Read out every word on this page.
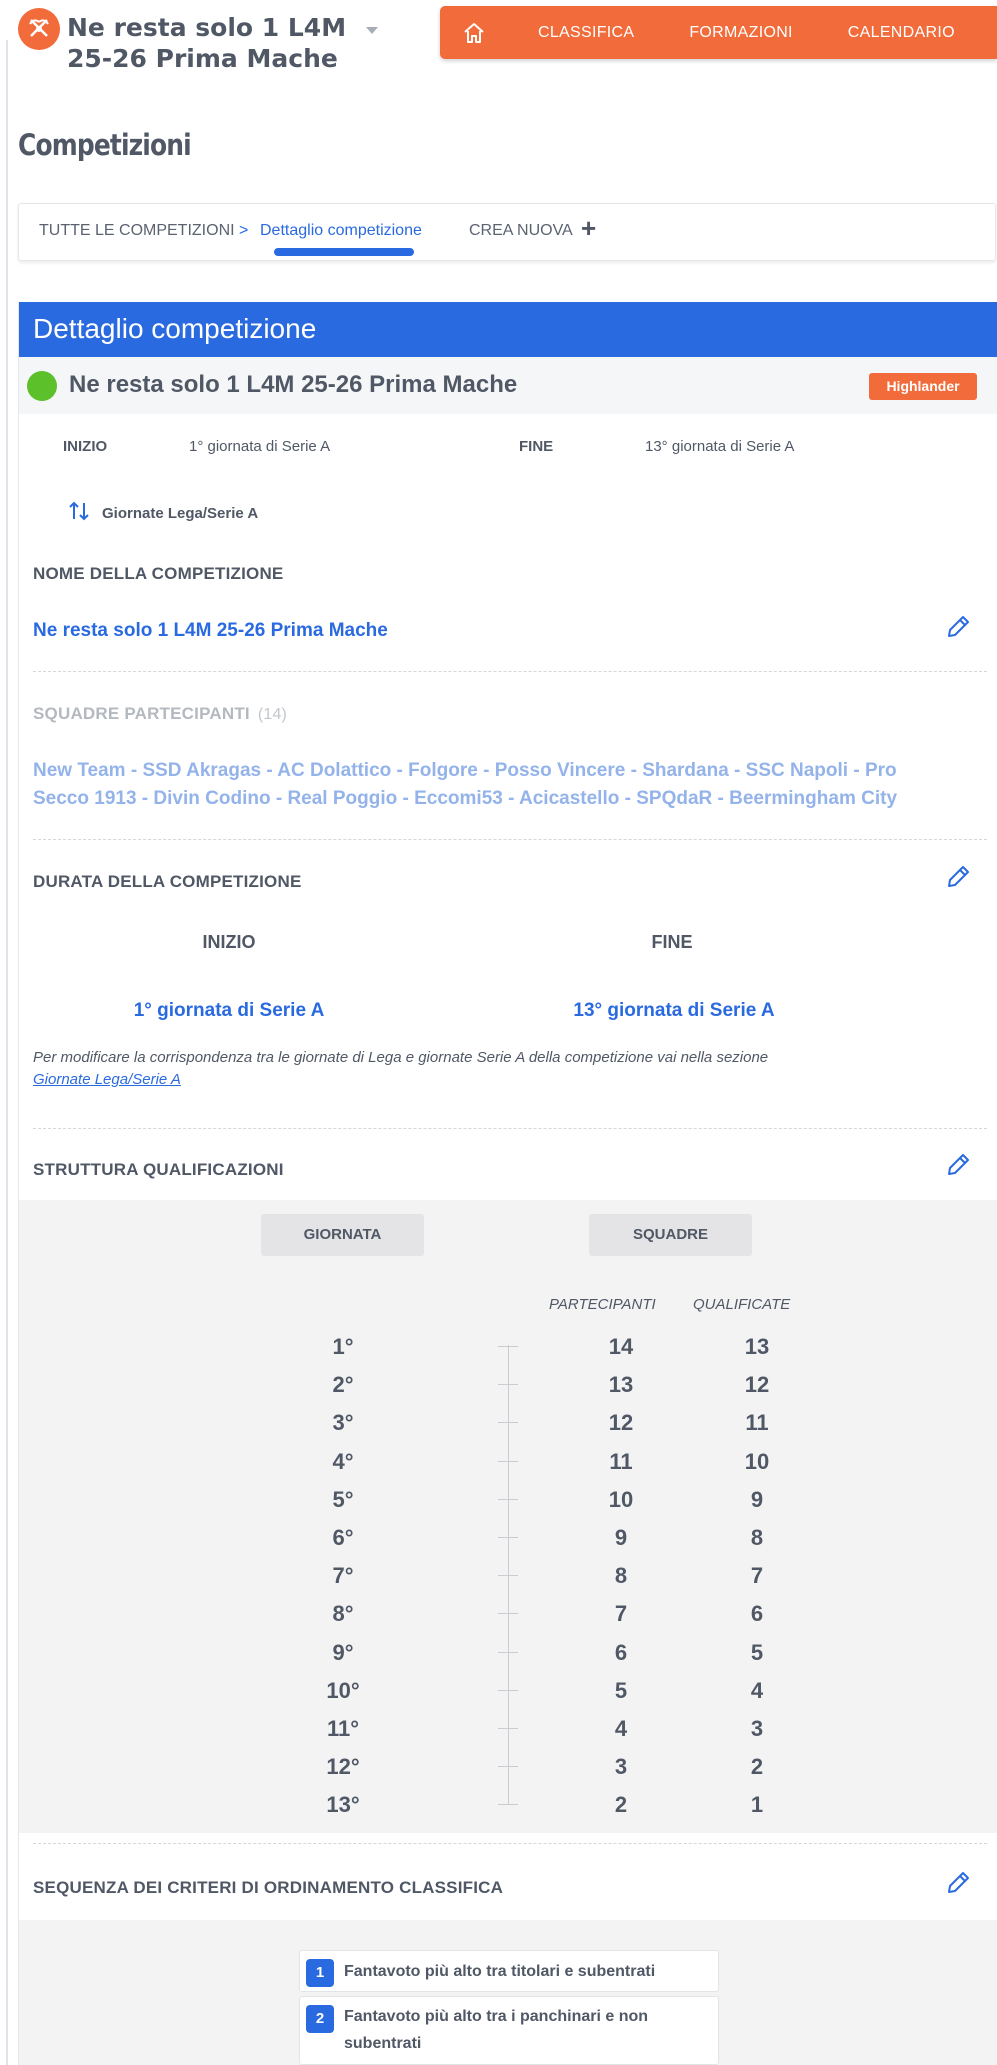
Ne resta solo 1 L4M 25-26 Prima Mache
CLASSIFICA	FORMAZIONI	CALENDARIO
Competizioni
TUTTE LE COMPETIZIONI > Dettaglio competizione	CREA NUOVA +
Dettaglio competizione
Ne resta solo 1 L4M 25-26 Prima Mache	Highlander
INIZIO	1° giornata di Serie A	FINE	13° giornata di Serie A
Giornate Lega/Serie A
NOME DELLA COMPETIZIONE
Ne resta solo 1 L4M 25-26 Prima Mache
SQUADRE PARTECIPANTI (14)
New Team - SSD Akragas - AC Dolattico - Folgore - Posso Vincere - Shardana - SSC Napoli - Pro Secco 1913 - Divin Codino - Real Poggio - Eccomi53 - Acicastello - SPQdaR - Beermingham City
DURATA DELLA COMPETIZIONE
INIZIO	FINE
1° giornata di Serie A	13° giornata di Serie A
Per modificare la corrispondenza tra le giornate di Lega e giornate Serie A della competizione vai nella sezione
Giornate Lega/Serie A
STRUTTURA QUALIFICAZIONI
GIORNATA	SQUADRE
PARTECIPANTI QUALIFICATE
1°	14	13
2°	13	12
3°	12	11
4°	11	10
5°	10	9
6°	9	8
7°	8	7
8°	7	6
9°	6	5
10°	5	4
11°	4	3
12°	3	2
13°	2	1
SEQUENZA DEI CRITERI DI ORDINAMENTO CLASSIFICA
1	Fantavoto più alto tra titolari e subentrati
2	Fantavoto più alto tra i panchinari e non
subentrati
